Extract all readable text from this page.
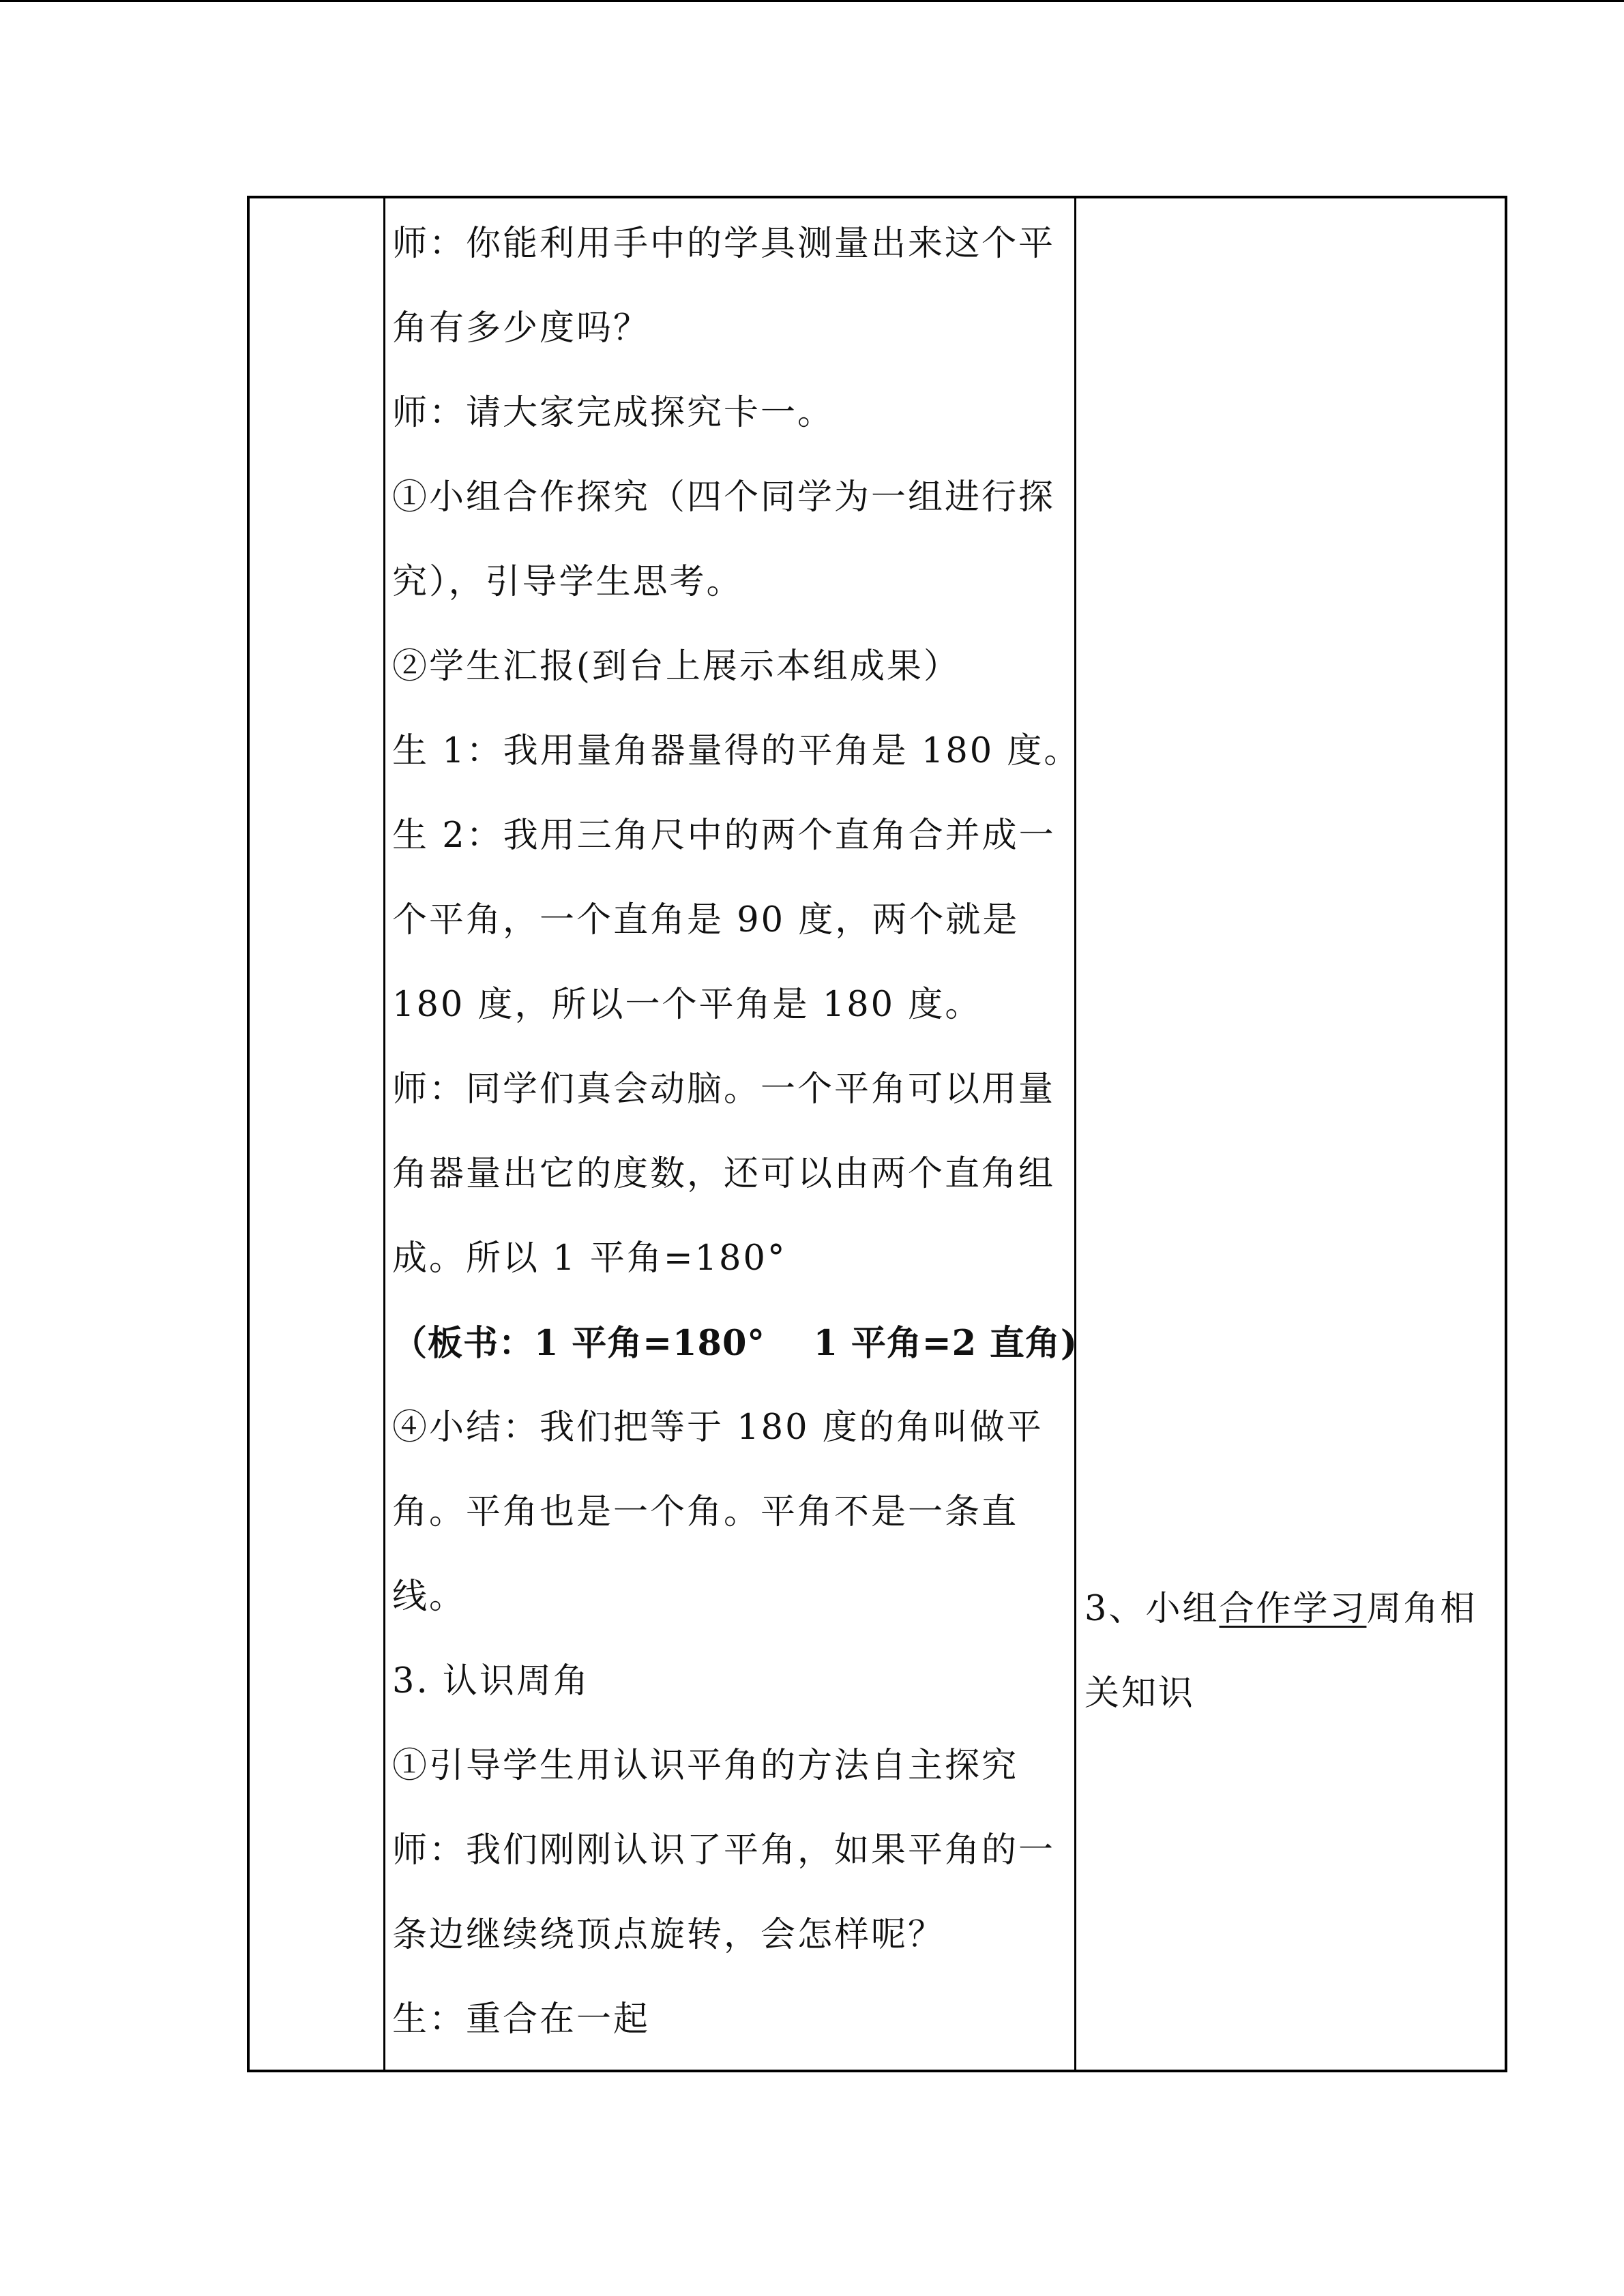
师：你能利用手中的学具测量出来这个平
角有多少度吗？
师：请大家完成探究卡一。
①小组合作探究（四个同学为一组进行探
究），引导学生思考。
②学生汇报(到台上展示本组成果）
生 1：我用量角器量得的平角是 180 度。
生 2：我用三角尺中的两个直角合并成一
个平角，一个直角是 90 度，两个就是
180 度，所以一个平角是 180 度。
师：同学们真会动脑。一个平角可以用量
角器量出它的度数，还可以由两个直角组
成。所以 1 平角=180°
（板书：1 平角=180°　 1 平角=2 直角)
④小结：我们把等于 180 度的角叫做平
角。平角也是一个角。平角不是一条直
线。
3. 认识周角
①引导学生用认识平角的方法自主探究
师：我们刚刚认识了平角，如果平角的一
条边继续绕顶点旋转，会怎样呢？
生：重合在一起
3、小组合作学习周角相
关知识
